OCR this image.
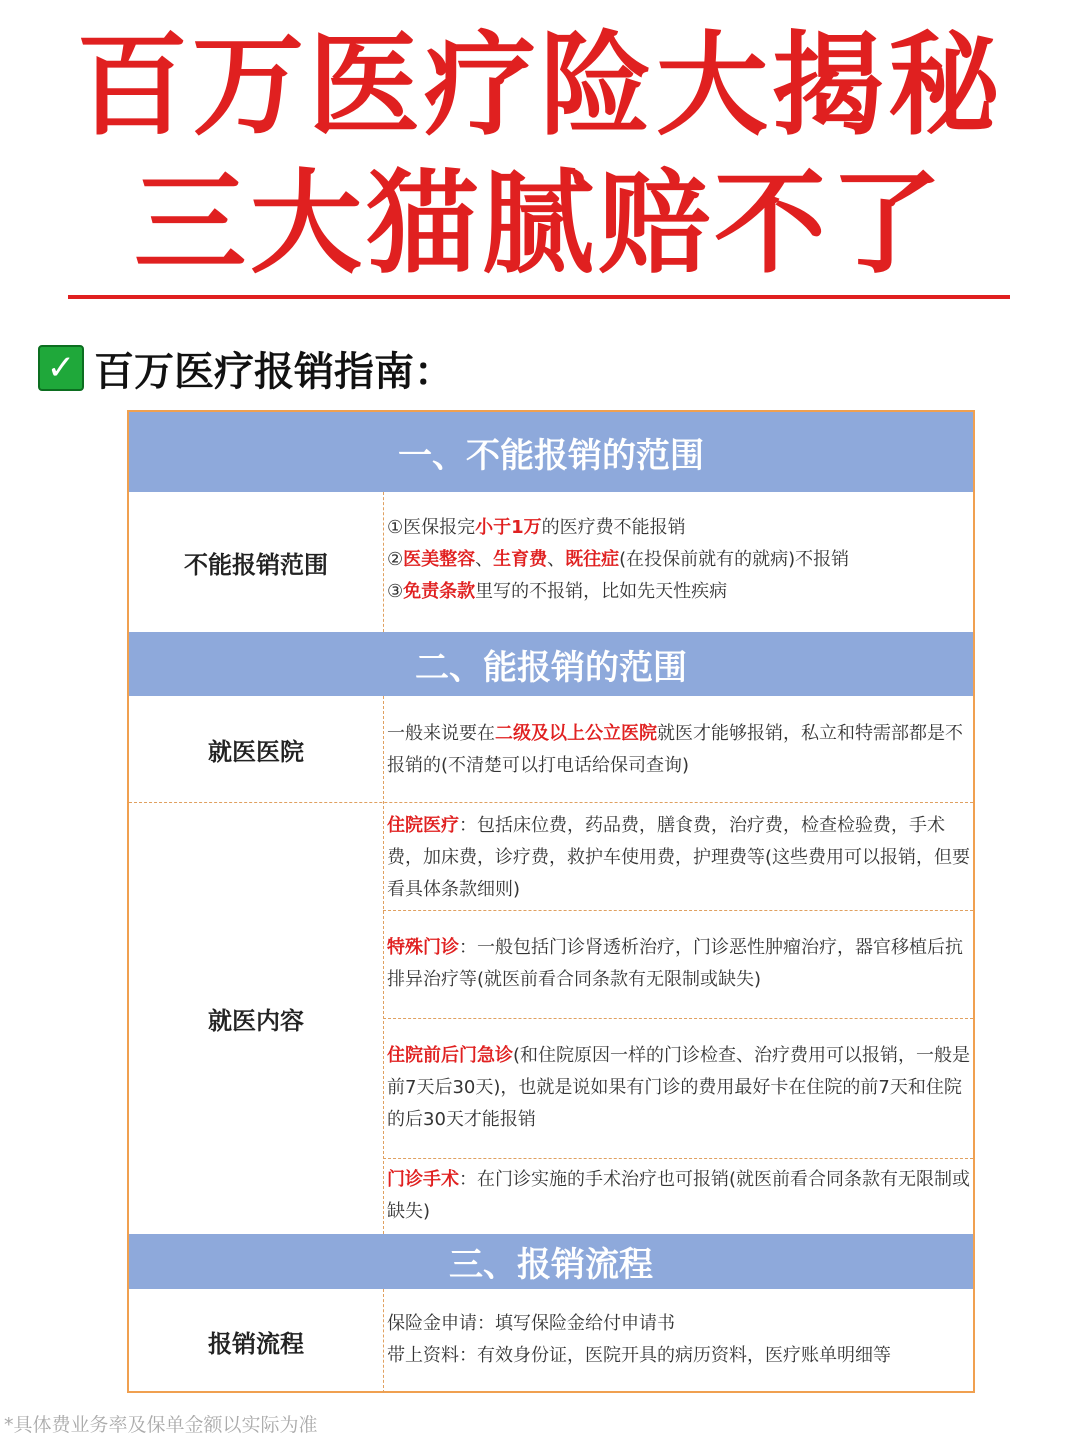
百万医疗险大揭秘
三大猫腻赔不了
✓ 百万医疗报销指南：
一、不能报销的范围
不能报销范围
①医保报完小于1万的医疗费不能报销
②医美整容、生育费、既往症(在投保前就有的就病)不报销
③免责条款里写的不报销，比如先天性疾病
二、能报销的范围
就医医院
一般来说要在二级及以上公立医院就医才能够报销，私立和特需部都是不报销的(不清楚可以打电话给保司查询)
就医内容
住院医疗：包括床位费，药品费，膳食费，治疗费，检查检验费，手术费，加床费，诊疗费，救护车使用费，护理费等(这些费用可以报销，但要看具体条款细则)
特殊门诊：一般包括门诊肾透析治疗，门诊恶性肿瘤治疗，器官移植后抗排异治疗等(就医前看合同条款有无限制或缺失)
住院前后门急诊(和住院原因一样的门诊检查、治疗费用可以报销，一般是前7天后30天)，也就是说如果有门诊的费用最好卡在住院的前7天和住院的后30天才能报销
门诊手术：在门诊实施的手术治疗也可报销(就医前看合同条款有无限制或缺失)
三、报销流程
报销流程
保险金申请：填写保险金给付申请书
带上资料：有效身份证，医院开具的病历资料，医疗账单明细等
*具体费业务率及保单金额以实际为准
